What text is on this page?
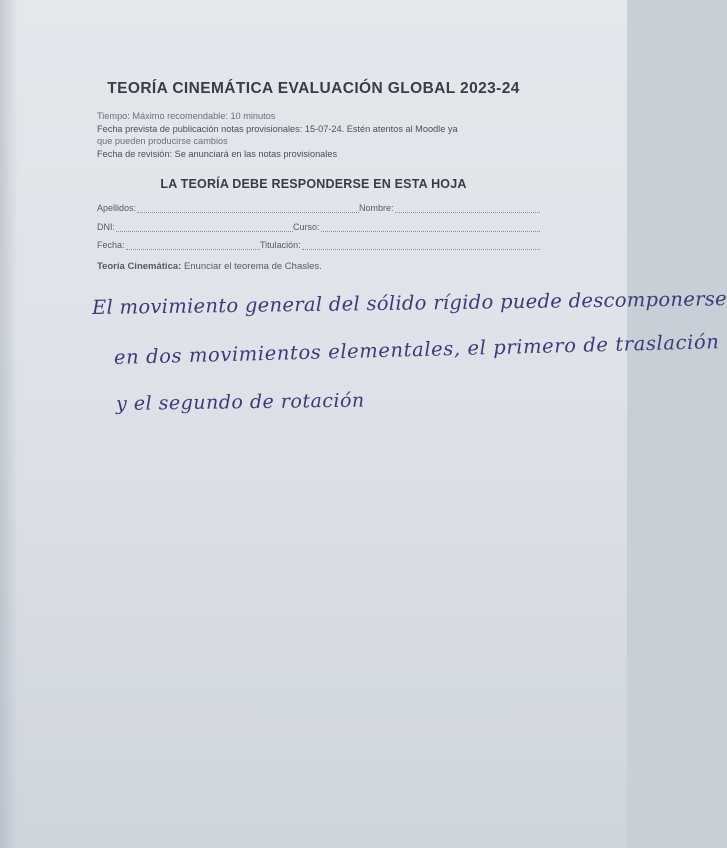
TEORÍA CINEMÁTICA EVALUACIÓN GLOBAL 2023-24
Tiempo: Máximo recomendable: 10 minutos
Fecha prevista de publicación notas provisionales: 15-07-24. Estén atentos al Moodle ya
que pueden producirse cambios
Fecha de revisión: Se anunciará en las notas provisionales
LA TEORÍA DEBE RESPONDERSE EN ESTA HOJA
Apellidos:	Nombre:
DNI:	Curso:
Fecha:	Titulación:
Teoría Cinemática: Enunciar el teorema de Chasles.
El movimiento general del sólido rígido puede descomponerse
en dos movimientos elementales, el primero de traslación
y el segundo de rotación
